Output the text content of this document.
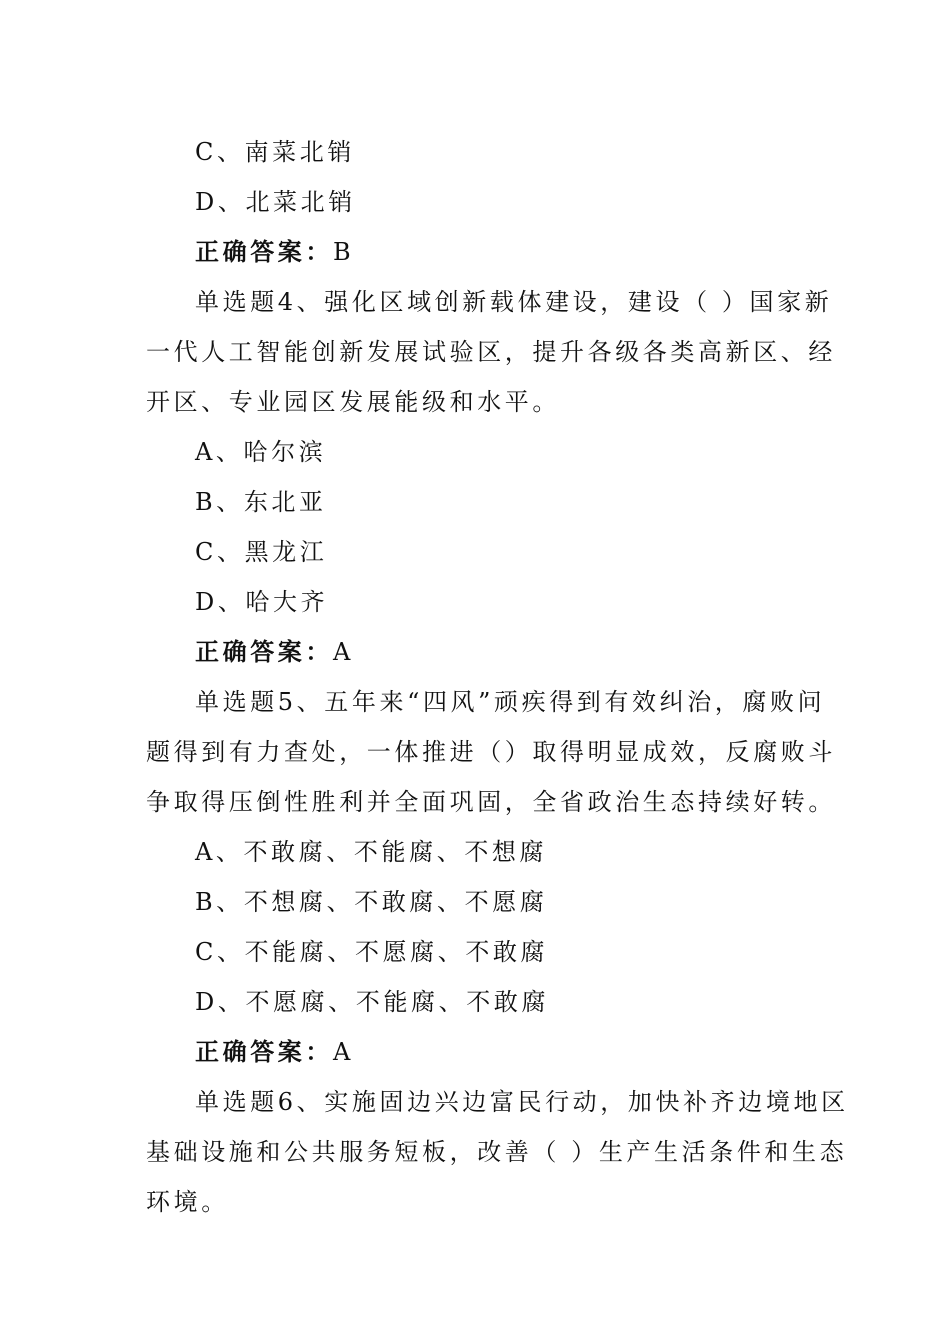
C、南菜北销
D、北菜北销
正确答案：B
单选题4、强化区域创新载体建设，建设（ ）国家新
一代人工智能创新发展试验区，提升各级各类高新区、经
开区、专业园区发展能级和水平。
A、哈尔滨
B、东北亚
C、黑龙江
D、哈大齐
正确答案：A
单选题5、五年来“四风”顽疾得到有效纠治，腐败问
题得到有力查处，一体推进（）取得明显成效，反腐败斗
争取得压倒性胜利并全面巩固，全省政治生态持续好转。
A、不敢腐、不能腐、不想腐
B、不想腐、不敢腐、不愿腐
C、不能腐、不愿腐、不敢腐
D、不愿腐、不能腐、不敢腐
正确答案：A
单选题6、实施固边兴边富民行动，加快补齐边境地区
基础设施和公共服务短板，改善（ ）生产生活条件和生态
环境。
